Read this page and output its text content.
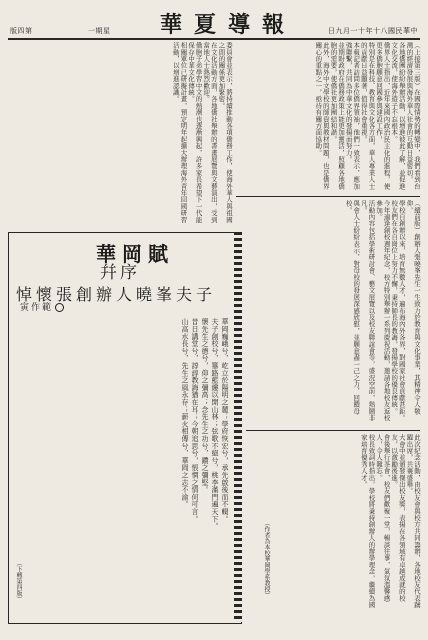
版四第	一期星 華夏導報	日九月一十年十八國民華中

（上接第三版）在國際情勢的轉變中，我們看到台灣的經濟發展與海外華人社會的互動日益密切，

各地僑團紛紛舉辦活動，以增進彼此了解，並促進文化交流，使海外遊子不忘根本。

僑界人士指出，近年來國內政治民主化的進程，使更多僑胞願意回國參與建設工作，

特別是在科技、教育與文化各方面，華人專業人士的貢獻日益顯著，值得社會重視。

本報記者訪問多位僑界領袖，他們一致表示，應加強聯繫，共同為中華文化的發揚而努力。

並期盼政府在僑務政策上能更加靈活，照顧各地僑胞的需要，使僑社更加團結和諧。

此外，海外中文學校的師資與教材問題，也是僑界關心的重點之一，亟待有關方面協助。

委員會並表示，將持續推動各項僑務工作，使海外華人與祖國之間的關係更加緊密。

在文化活動方面，各地僑社舉辦的書畫展覽與文藝演出，受到當地人士熱烈歡迎。

僑胞子弟學習中文的熱潮也逐漸興起，許多家長希望下一代能保存中華文化傳統。

相關單位已研擬計畫，預定明年起擴大辦理海外青年回國研習活動，以增進認識。

（續前版）創辦人張曉峯先生一生致力於教育與文化事業，其精神令人敬仰，

學校自創辦以來，培育無數人才，遍布海內外各界，對國家社會貢獻甚鉅。

校友們在各自崗位上努力不懈，秉持師長的教誨，發揚學校的優良傳統。

今年適逢創校週年紀念，校方特別舉辦一系列慶祝活動，邀請各地校友返校參加。

活動內容包括學術研討會、藝文展覽以及校友聯誼會等，盛況空前，熱鬧非凡。

與會人士紛紛表示，對母校的發展深感欣慰，並願意盡一己之力，回饋母校。

此次紀念活動，由校友會與校方共同籌辦，各地校友代表踴躍出席，共襄盛舉。

大會中並頒發傑出校友獎，表揚在各領域有卓越成就的校友，以激勵後進。

會後舉行茶會，校友們歡聚一堂，暢談往事，氣氛溫馨感人，令人難忘。

校長致詞時指出，學校將秉持創辦人的辦學理念，繼續為國家培育優秀人才。

（作者為本校華岡學系教授）
華岡賦
幷序
悼懷張創辦人曉峯夫子
寅作範

華岡巍峨兮，屹立於陽明之麓；學府恢宏兮，承先啟後而不輟。

夫子創校兮，篳路藍縷以開山林；弦歌不絕兮，桃李滿門遍天下。

懷先生之德兮，仰之彌高；念先生之功兮，鑽之彌堅。

昔日講堂兮，諄諄教誨猶在耳；今朝追思兮，悵惘之情何可言。

山高水長兮，先生之風永存；薪火相傳兮，華岡之志不渝。

（下轉第四版）
